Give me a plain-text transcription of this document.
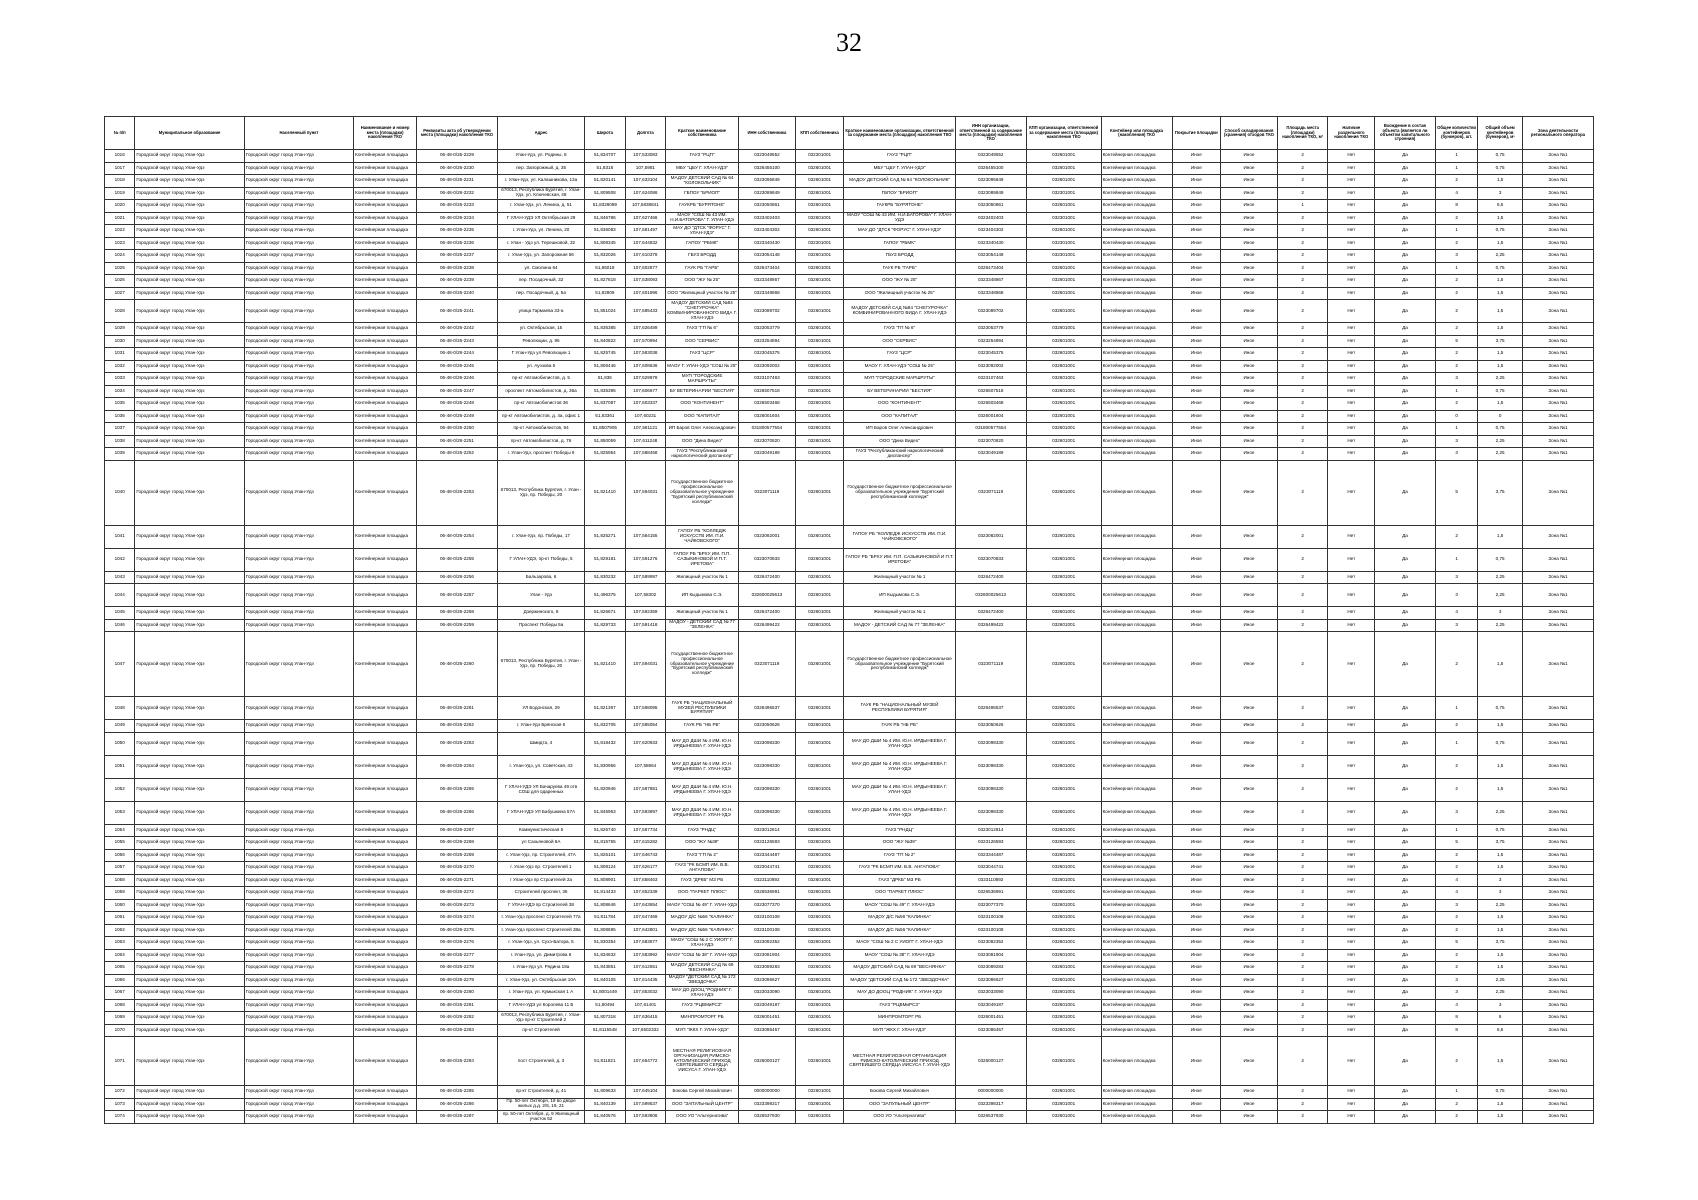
32
№ п/п	Муниципальное образование	Населенный пункт	Наименование и номер места (площадки) накопления ТКО	Реквизиты акта об утверждении места (площадки) накопления ТКО	Адрес	Широта	Долгота	Краткое наименование собственника	ИНН собственника	КПП собственника	Краткое наименование организации, ответственной за содержание места (площадки) накопления ТКО	ИНН организации, ответственной за содержание места (площадки) накопления ТКО	КПП организации, ответственной за содержание места (площадки) накопления ТКО	Контейнер или площадка (накопления) ТКО	Покрытие площадки	Способ складирования (хранения) отходов ТКО	Площадь места (площадки) накопления ТКО, м²	Наличие раздельного накопления ТКО	Вхождение в состав объекта (является ли объектом капитального строения)	Общее количество контейнеров (бункеров), шт.	Общий объем контейнеров (бункеров), м³	Зона деятельности регионального оператора
1016	Городской округ город Улан-Удэ	Городской округ город Улан-Удэ	Контейнерная площадка	06-48-0/26-2229	Улан-Удэ, ул. Родины, 8	51,834707	107,533083	ГАУЗ "РЦП"	0323049552	032301001	ГАУЗ "РЦП"	0323049552	032601001	Контейнерная площадка	Иное	Иное	2	Нет	Да	1	0,75	Зона №1
1017	Городской округ город Улан-Удэ	Городской округ город Улан-Удэ	Контейнерная площадка	06-48-0/26-2230	пер. Запорожный, д. 35	51,8318	107,5981	МБУ "ЦБУ Г. УЛАН-УДЭ"	0326455100	032601001	МБУ "ЦБУ Г. УЛАН-УДЭ"	0326455100	032601001	Контейнерная площадка	Иное	Иное	2	Нет	Да	1	0,75	Зона №1
1018	Городской округ город Улан-Удэ	Городской округ город Улан-Удэ	Контейнерная площадка	06-48-0/26-2231	г. Улан-Удэ, ул. Калашникова, 13а	51,820141	107,633104	МАДОУ ДЕТСКИЙ САД № 64 "КОЛОКОЛЬЧИК"	0323095849	032601001	МАДОУ ДЕТСКИЙ САД № 64 "КОЛОКОЛЬЧИК"	0323095849	032601001	Контейнерная площадка	Иное	Иное	2	Нет	Да	2	1,5	Зона №1
1019	Городской округ город Улан-Удэ	Городской округ город Улан-Удэ	Контейнерная площадка	06-48-0/26-2232	670013, Республика Бурятия, г. Улан-Удэ, ул. Ключевская, 48	51,809508	107,624086	ГБПОУ "БРИОП"	0323089849	032601001	ГБПОУ "БРИОП"	0323089849	032301001	Контейнерная площадка	Иное	Иное	2	Нет	Да	4	3	Зона №1
1020	Городской округ город Улан-Удэ	Городской округ город Улан-Удэ	Контейнерная площадка	06-48-0/26-2233	г. Улан-Удэ, ул. Ленина, д. 51	51,8326089	107,5838841	ГАУКРБ "БУРЯТОНЕ"	0323050861	032601001	ГАУКРБ "БУРЯТОНЕ"	0323050861	032601001	Контейнерная площадка	Иное	Иное	1	Нет	Да	8	6,5	Зона №1
1021	Городской округ город Улан-Удэ	Городской округ город Улан-Удэ	Контейнерная площадка	06-48-0/26-2234	Г УЛАН-УДЭ УЛ Октябрьская 29	51,846786	107,627466	МАОУ "СОШ № 43 ИМ. Н.И.БАТОРОВА" Г. УЛАН-УДЭ	0323402403	032601001	МАОУ "СОШ № 43 ИМ. Н.И.БАТОРОВА" Г. УЛАН-УДЭ	0323402403	032301001	Контейнерная площадка	Иное	Иное	2	Нет	Да	2	1,5	Зона №1
1022	Городской округ город Улан-Удэ	Городской округ город Улан-Удэ	Контейнерная площадка	06-48-0/26-2235	г. Улан-Удэ, ул. Ленина, 20	51,836083	107,581497	МАУ ДО "ДТСК "ФОРУС" Г. УЛАН-УДЭ"	0323404302	032601001	МАУ ДО "ДТСК "ФОРУС" Г. УЛАН-УДЭ"	0323404302	032601001	Контейнерная площадка	Иное	Иное	2	Нет	Да	1	0,75	Зона №1
1023	Городской округ город Улан-Удэ	Городской округ город Улан-Удэ	Контейнерная площадка	06-48-0/26-2236	г. Улан - Удэ ул. Терешковой, 32	51,808345	107,644832	ГАПОУ "РБМК"	0323340430	032301001	ГАПОУ "РБМК"	0323340430	032301001	Контейнерная площадка	Иное	Иное	2	Нет	Да	2	1,5	Зона №1
1024	Городской округ город Улан-Удэ	Городской округ город Улан-Удэ	Контейнерная площадка	06-48-0/26-2237	г. Улан-Удэ, ул. Запорожная 56	51,832026	107,610378	ГБУЗ БРОДД	0323054148	032601001	ГБУЗ БРОДД	0323054148	032301001	Контейнерная площадка	Иное	Иное	2	Нет	Да	3	2,25	Зона №1
1025	Городской округ город Улан-Удэ	Городской округ город Улан-Удэ	Контейнерная площадка	06-48-0/26-2238	ул. Смолина 64	51,85018	107,602877	ГАУК РБ "ГАРБ"	0326473404	032601001	ГАУК РБ "ГАРБ"	0326473404	032601001	Контейнерная площадка	Иное	Иное	2	Нет	Да	1	0,75	Зона №1
1026	Городской округ город Улан-Удэ	Городской округ город Улан-Удэ	Контейнерная площадка	06-48-0/26-2239	пер. Посадочный, 32	51,827818	107,538093	ООО "ЖУ № 25"	0323348867	032601001	ООО "ЖУ № 25"	0323348867	032601001	Контейнерная площадка	Иное	Иное	2	Нет	Да	2	1,5	Зона №1
1027	Городской округ город Улан-Удэ	Городской округ город Улан-Удэ	Контейнерная площадка	06-48-0/26-2240	пер. Посадочный, д. 5а	51,82809	107,601996	ООО "Жилищный участок № 25"	0323348868	032601001	ООО "Жилищный участок № 25"	0323348868	032601001	Контейнерная площадка	Иное	Иное	2	Нет	Да	2	1,5	Зона №1
1028	Городской округ город Улан-Удэ	Городской округ город Улан-Удэ	Контейнерная площадка	06-48-0/26-2241	улица Гармаева 33-а	51,851024	107,585433	МАДОУ ДЕТСКИЙ САД №84 "СНЕГУРОЧКА" КОМБИНИРОВАННОГО ВИДА Г. УЛАН-УДЭ	0323089702	032601001	МАДОУ ДЕТСКИЙ САД №84 "СНЕГУРОЧКА" КОМБИНИРОВАННОГО ВИДА Г. УЛАН-УДЭ	0323089702	032601001	Контейнерная площадка	Иное	Иное	2	Нет	Да	2	1,5	Зона №1
1029	Городской округ город Улан-Удэ	Городской округ город Улан-Удэ	Контейнерная площадка	06-48-0/26-2242	ул. Октябрьская, 15	51,836385	107,626489	ГАУЗ "ГП № 6"	0323053779	032601001	ГАУЗ "ГП № 6"	0323053779	032601001	Контейнерная площадка	Иное	Иное	2	Нет	Да	2	1,5	Зона №1
1030	Городской округ город Улан-Удэ	Городской округ город Улан-Удэ	Контейнерная площадка	06-48-0/26-2243	Революции, д. 95	51,840822	107,570994	ООО "СЕРВИС"	0323254894	032601001	ООО "СЕРВИС"	0323254894	032601001	Контейнерная площадка	Иное	Иное	2	Нет	Да	5	3,75	Зона №1
1031	Городской округ город Улан-Удэ	Городской округ город Улан-Удэ	Контейнерная площадка	06-48-0/26-2244	Г Улан-Удэ ул Революции 1	51,825745	107,583038	ГАУЗ "ЦСР"	0323045375	032601001	ГАУЗ "ЦСР"	0323045375	032601001	Контейнерная площадка	Иное	Иное	2	Нет	Да	2	1,5	Зона №1
1032	Городской округ город Улан-Удэ	Городской округ город Улан-Удэ	Контейнерная площадка	06-48-0/26-2245	ул. Ауэзова 5	51,806446	107,608636	МАОУ Г. УЛАН-УДЭ "СОШ № 25"	0323092002	032601001	МАОУ Г. УЛАН-УДЭ "СОШ № 25"	0323092002	032601001	Контейнерная площадка	Иное	Иное	2	Нет	Да	2	1,5	Зона №1
1033	Городской округ город Улан-Удэ	Городской округ город Улан-Удэ	Контейнерная площадка	06-48-0/26-2246	пр-кт Автомобилистов, д. 5	51,836	107,529978	МУП "ГОРОДСКИЕ МАРШРУТЫ"	0323107463	032601001	МУП "ГОРОДСКИЕ МАРШРУТЫ"	0323107463	032601001	Контейнерная площадка	Иное	Иное	2	Нет	Да	3	2,25	Зона №1
1034	Городской округ город Улан-Удэ	Городской округ город Улан-Удэ	Контейнерная площадка	06-48-0/26-2247	проспект Автомобилистов, д. 36а	51,835395	107,606677	БУ ВЕТЕРИНАРИИ "БЕСТИЯ"	0326507518	032601001	БУ ВЕТЕРИНАРИИ "БЕСТИЯ"	0326507518	032601001	Контейнерная площадка	Иное	Иное	2	Нет	Да	1	0,75	Зона №1
1035	Городской округ город Улан-Удэ	Городской округ город Улан-Удэ	Контейнерная площадка	06-48-0/26-2248	пр-кт Автомобилистов 36	51,837087	107,603337	ООО "КОНТИНЕНТ"	0326503468	032601001	ООО "КОНТИНЕНТ"	0326503468	032601001	Контейнерная площадка	Иное	Иное	2	Нет	Да	2	1,5	Зона №1
1036	Городской округ город Улан-Удэ	Городской округ город Улан-Удэ	Контейнерная площадка	06-48-0/26-2249	пр-кт Автомобилистов, д. 4а, офис 1	51,83361	107,60231	ООО "КАПИТАЛ"	0326001604	032601001	ООО "КАПИТАЛ"	0326001604	032601001	Контейнерная площадка	Иное	Иное	2	Нет	Да	0	0	Зона №1
1037	Городской округ город Улан-Удэ	Городской округ город Улан-Удэ	Контейнерная площадка	06-48-0/26-2250	пр-кт Автомобилистов, 94	51,8507905	107,581121	ИП Баров Олег Александрович	031800577554	032601001	ИП Баров Олег Александрович	031800577554	032601001	Контейнерная площадка	Иное	Иное	2	Нет	Да	1	0,75	Зона №1
1038	Городской округ город Улан-Удэ	Городской округ город Улан-Удэ	Контейнерная площадка	06-48-0/26-2251	пр-кт Автомобилистов, д. 76	51,850059	107,611248	ООО "Дина Видео"	0323070820	032601001	ООО "Дина Видео"	0323070820	032601001	Контейнерная площадка	Иное	Иное	2	Нет	Да	3	2,25	Зона №1
1039	Городской округ город Улан-Удэ	Городской округ город Улан-Удэ	Контейнерная площадка	06-48-0/26-2252	г. Улан-Удэ, проспект Победы 6	51,825954	107,588458	ГАУЗ "Республиканский наркологический диспансер"	0323049189	032601001	ГАУЗ "Республиканский наркологический диспансер"	0323049189	032601001	Контейнерная площадка	Иное	Иное	2	Нет	Да	3	2,25	Зона №1
1040	Городской округ город Улан-Удэ	Городской округ город Улан-Удэ	Контейнерная площадка	06-48-0/26-2253	670013, Республика Бурятия, г. Улан - Удэ, пр. Победы, 20	51,821410	107,594031	Государственное бюджетное профессиональное образовательное учреждение "Бурятский республиканский колледж"	0323071119	032601001	Государственное бюджетное профессиональное образовательное учреждение "Бурятский республиканский колледж"	0323071119	032601001	Контейнерная площадка	Иное	Иное	2	Нет	Да	5	3,75	Зона №1
1041	Городской округ город Улан-Удэ	Городской округ город Улан-Удэ	Контейнерная площадка	06-48-0/26-2254	г. Улан-Удэ, пр. Победы, 17	51,825271	107,584155	ГАПОУ РБ "КОЛЛЕДЖ ИСКУССТВ ИМ. П.И. ЧАЙКОВСКОГО"	0323082001	032601001	ГАПОУ РБ "КОЛЛЕДЖ ИСКУССТВ ИМ. П.И. ЧАЙКОВСКОГО"	0323082001	032601001	Контейнерная площадка	Иное	Иное	2	Нет	Да	2	1,5	Зона №1
1042	Городской округ город Улан-Удэ	Городской округ город Улан-Удэ	Контейнерная площадка	06-48-0/26-2255	Г УЛАН-УДЭ, пр-кт Победы, 5	51,829181	107,591276	ГАПОУ РБ "БРХУ ИМ. П.П. САЗЫКИНОВОЙ И П.Т. ИРЕТОВА"	0323070833	032601001	ГАПОУ РБ "БРХУ ИМ. П.П. САЗЫКИНОВОЙ И П.Т. ИРЕТОВА"	0323070833	032601001	Контейнерная площадка	Иное	Иное	2	Нет	Да	1	0,75	Зона №1
1043	Городской округ город Улан-Удэ	Городской округ город Улан-Удэ	Контейнерная площадка	06-48-0/26-2256	Бальзарова, 6	51,830232	107,589997	Жилищный участок № 1	0326472400	032601001	Жилищный участок № 1	0326472400	032601001	Контейнерная площадка	Иное	Иное	2	Нет	Да	3	2,25	Зона №1
1044	Городской округ город Улан-Удэ	Городской округ город Улан-Удэ	Контейнерная площадка	06-48-0/26-2257	Улан - Удэ	51,496375	107,58302	ИП Кыдымова С.Э.	032600025613	032601001	ИП Кыдымова С.Э.	032600025613	032601001	Контейнерная площадка	Иное	Иное	2	Нет	Да	3	2,25	Зона №1
1045	Городской округ город Улан-Удэ	Городской округ город Улан-Удэ	Контейнерная площадка	06-48-0/26-2258	Дзержинского, 8	51,826671	107,592359	Жилищный участок № 1	0326472400	032601001	Жилищный участок № 1	0326472400	032601001	Контейнерная площадка	Иное	Иное	2	Нет	Да	4	3	Зона №1
1046	Городской округ город Улан-Удэ	Городской округ город Улан-Удэ	Контейнерная площадка	06-48-0/26-2259	Проспект Победы 5а	51,829733	107,591418	МАДОУ - ДЕТСКИЙ САД № 77 "ЗЕЛЕНКА"	0326499422	032601001	МАДОУ - ДЕТСКИЙ САД № 77 "ЗЕЛЕНКА"	0326499422	032601001	Контейнерная площадка	Иное	Иное	2	Нет	Да	3	2,25	Зона №1
1047	Городской округ город Улан-Удэ	Городской округ город Улан-Удэ	Контейнерная площадка	06-48-0/26-2260	670013, Республика Бурятия, г. Улан - Удэ, пр. Победы, 20	51,821410	107,594031	Государственное бюджетное профессиональное образовательное учреждение "Бурятский республиканский колледж"	0323071119	032601001	Государственное бюджетное профессиональное образовательное учреждение "Бурятский республиканский колледж"	0323071119	032601001	Контейнерная площадка	Иное	Иное	2	Нет	Да	2	1,5	Зона №1
1048	Городской округ город Улан-Удэ	Городской округ город Улан-Удэ	Контейнерная площадка	06-48-0/26-2261	УЛ Бодонская, 29	51,821367	107,598095	ГАУК РБ "НАЦИОНАЛЬНЫЙ МУЗЕЙ РЕСПУБЛИКИ БУРЯТИЯ"	0326495537	032601001	ГАУК РБ "НАЦИОНАЛЬНЫЙ МУЗЕЙ РЕСПУБЛИКИ БУРЯТИЯ"	0326495537	032601001	Контейнерная площадка	Иное	Иное	2	Нет	Да	1	0,75	Зона №1
1049	Городской округ город Улан-Удэ	Городской округ город Улан-Удэ	Контейнерная площадка	06-48-0/26-2262	г. Улан-Удэ Брянская 6	51,832705	107,585054	ГАУК РБ "НБ РБ"	0323050626	032601001	ГАУК РБ "НБ РБ"	0323050626	032601001	Контейнерная площадка	Иное	Иное	2	Нет	Да	2	1,5	Зона №1
1050	Городской округ город Улан-Удэ	Городской округ город Улан-Удэ	Контейнерная площадка	06-48-0/26-2263	Шмидта, 4	51,818432	107,620933	МАУ ДО ДШИ № 4 ИМ. Ю.Н. ИРДЫНЕЕВА Г. УЛАН-УДЭ	0323098330	032601001	МАУ ДО ДШИ № 4 ИМ. Ю.Н. ИРДЫНЕЕВА Г. УЛАН-УДЭ	0323098330	032601001	Контейнерная площадка	Иное	Иное	2	Нет	Да	1	0,75	Зона №1
1051	Городской округ город Улан-Удэ	Городской округ город Улан-Удэ	Контейнерная площадка	06-48-0/26-2264	г. Улан-Удэ, ул. Советская, 43	51,830956	107,58864	МАУ ДО ДШИ № 4 ИМ. Ю.Н. ИРДЫНЕЕВА Г. УЛАН-УДЭ	0323098330	032601001	МАУ ДО ДШИ № 4 ИМ. Ю.Н. ИРДЫНЕЕВА Г. УЛАН-УДЭ	0323098330	032601001	Контейнерная площадка	Иное	Иное	2	Нет	Да	2	1,5	Зона №1
1052	Городской округ город Улан-Удэ	Городской округ город Улан-Удэ	Контейнерная площадка	06-48-0/26-2265	Г УЛАН-УДЭ УЛ Бачаруева 49 отв СОШ для одаренных	51,820946	107,587881	МАУ ДО ДШИ № 4 ИМ. Ю.Н. ИРДЫНЕЕВА Г. УЛАН-УДЭ	0323098330	032601001	МАУ ДО ДШИ № 4 ИМ. Ю.Н. ИРДЫНЕЕВА Г. УЛАН-УДЭ	0323098330	032601001	Контейнерная площадка	Иное	Иное	2	Нет	Да	2	1,5	Зона №1
1053	Городской округ город Улан-Удэ	Городской округ город Улан-Удэ	Контейнерная площадка	06-48-0/26-2266	Г УЛАН-УДЭ УЛ Бабушкина 57А	51,845953	107,593897	МАУ ДО ДШИ № 4 ИМ. Ю.Н. ИРДЫНЕЕВА Г. УЛАН-УДЭ	0323098330	032601001	МАУ ДО ДШИ № 4 ИМ. Ю.Н. ИРДЫНЕЕВА Г. УЛАН-УДЭ	0323098330	032601001	Контейнерная площадка	Иное	Иное	2	Нет	Да	3	2,25	Зона №1
1054	Городской округ город Улан-Удэ	Городской округ город Улан-Удэ	Контейнерная площадка	06-48-0/26-2267	Коммунистическая 5	51,826740	107,587734	ГАУЗ "РНДЦ"	0323012814	032601001	ГАУЗ "РНДЦ"	0323012814	032601001	Контейнерная площадка	Иное	Иное	2	Нет	Да	1	0,75	Зона №1
1055	Городской округ город Улан-Удэ	Городской округ город Улан-Удэ	Контейнерная площадка	06-48-0/26-2268	ул Сахьяновой 6А	51,815755	107,615282	ООО "ЖУ №39"	0323126593	032601001	ООО "ЖУ №39"	0323126593	032601001	Контейнерная площадка	Иное	Иное	2	Нет	Да	5	3,75	Зона №1
1056	Городской округ город Улан-Удэ	Городской округ город Улан-Удэ	Контейнерная площадка	06-48-0/26-2269	г. Улан-Удэ, пр. Строителей, 47А	51,826101	107,646743	ГАУЗ "ГП № 2"	0323344487	032601001	ГАУЗ "ГП № 2"	0323344487	032601001	Контейнерная площадка	Иное	Иное	2	Нет	Да	2	1,5	Зона №1
1057	Городской округ город Улан-Удэ	Городской округ город Улан-Удэ	Контейнерная площадка	06-48-0/26-2270	г. Улан-Удэ пр. Строителей 1	51,808124	107,626177	ГАУЗ "РК БСМП ИМ. В.В. АНГАПОВА"	0323044741	032601001	ГАУЗ "РК БСМП ИМ. В.В. АНГАПОВА"	0323044741	032601001	Контейнерная площадка	Иное	Иное	2	Нет	Да	2	1,5	Зона №1
1058	Городской округ город Улан-Удэ	Городской округ город Улан-Удэ	Контейнерная площадка	06-48-0/26-2271	г Улан-Удэ пр Строителей 2а	51,808901	107,658463	ГАУЗ "ДРКБ" МЗ РБ	0323110892	032601001	ГАУЗ "ДРКБ" МЗ РБ	0323110892	032601001	Контейнерная площадка	Иное	Иное	2	Нет	Да	4	3	Зона №1
1059	Городской округ город Улан-Удэ	Городской округ город Улан-Удэ	Контейнерная площадка	06-48-0/26-2272	Строителей проспект, 36	51,814433	107,652339	ООО "ПАРКЕТ ПЛЮС"	0326536991	032601001	ООО "ПАРКЕТ ПЛЮС"	0326536991	032601001	Контейнерная площадка	Иное	Иное	2	Нет	Да	4	3	Зона №1
1060	Городской округ город Улан-Удэ	Городской округ город Улан-Удэ	Контейнерная площадка	06-48-0/26-2273	Г УЛАН-УДЭ пр Строителей 38	51,808646	107,643654	МАОУ "СОШ № 49" Г. УЛАН-УДЭ	0323077370	032601001	МАОУ "СОШ № 49" Г. УЛАН-УДЭ	0323077370	032601001	Контейнерная площадка	Иное	Иное	2	Нет	Да	3	2,25	Зона №1
1061	Городской округ город Улан-Удэ	Городской округ город Улан-Удэ	Контейнерная площадка	06-48-0/26-2274	г. Улан-Удэ проспект Строителей 77а	51,811784	107,647469	МАДОУ Д/С №56 "КАЛИНКА"	0323100108	032601001	МАДОУ Д/С №56 "КАЛИНКА"	0323100108	032601001	Контейнерная площадка	Иное	Иное	2	Нет	Да	2	1,5	Зона №1
1062	Городской округ город Улан-Удэ	Городской округ город Улан-Удэ	Контейнерная площадка	06-48-0/26-2275	г. Улан-Удэ проспект Строителей 38а	51,808695	107,642801	МАДОУ Д/С №56 "КАЛИНКА"	0323100108	032601001	МАДОУ Д/С №56 "КАЛИНКА"	0323100108	032601001	Контейнерная площадка	Иное	Иное	2	Нет	Да	2	1,5	Зона №1
1063	Городской округ город Улан-Удэ	Городской округ город Улан-Удэ	Контейнерная площадка	06-48-0/26-2276	г. Улан-Удэ, ул. Сухэ-Батора, 5	51,830354	107,583677	МАОУ "СОШ № 2 С УИОП" Г. УЛАН-УДЭ	0323082352	032601001	МАОУ "СОШ № 2 С УИОП" Г. УЛАН-УДЭ	0323082352	032601001	Контейнерная площадка	Иное	Иное	2	Нет	Да	5	3,75	Зона №1
1064	Городской округ город Улан-Удэ	Городской округ город Улан-Удэ	Контейнерная площадка	06-48-0/26-2277	г. Улан-Удэ, ул. Димитрова 6	51,834632	107,583992	МАОУ "СОШ № 38" Г. УЛАН-УДЭ	0323081904	032601001	МАОУ "СОШ № 38" Г. УЛАН-УДЭ	0323081904	032601001	Контейнерная площадка	Иное	Иное	2	Нет	Да	2	1,5	Зона №1
1065	Городской округ город Улан-Удэ	Городской округ город Улан-Удэ	Контейнерная площадка	06-48-0/26-2278	г. Улан-Удэ ул. Рядина 18а	51,843851	107,612551	МАДОУ ДЕТСКИЙ САД № 69 "ВЕСНЯНКА"	0323089283	032601001	МАДОУ ДЕТСКИЙ САД № 69 "ВЕСНЯНКА"	0323089283	032601001	Контейнерная площадка	Иное	Иное	2	Нет	Да	2	1,5	Зона №1
1066	Городской округ город Улан-Удэ	Городской округ город Улан-Удэ	Контейнерная площадка	06-48-0/26-2279	г. Улан-Удэ, ул. Октябрьская 10А	51,840105	107,614435	МАДОУ "ДЕТСКИЙ САД № 172 "ЗВЕЗДОЧКА"	0323086627	032601001	МАДОУ "ДЕТСКИЙ САД № 172 "ЗВЕЗДОЧКА"	0323086627	032601001	Контейнерная площадка	Иное	Иное	2	Нет	Да	3	2,25	Зона №1
1067	Городской округ город Улан-Удэ	Городской округ город Улан-Удэ	Контейнерная площадка	06-48-0/26-2280	г. Улан-Удэ, ул. Кумыкская 1 А	51,8001449	107,653032	МАУ ДО ДООЦ "РОДНИК" Г. УЛАН-УДЭ	0323033090	032601001	МАУ ДО ДООЦ "РОДНИК" Г. УЛАН-УДЭ	0323033090	032601001	Контейнерная площадка	Иное	Иное	2	Нет	Да	3	2,25	Зона №1
1068	Городской округ город Улан-Удэ	Городской округ город Улан-Удэ	Контейнерная площадка	06-48-0/26-2281	Г УЛАН-УДЭ ул Королева 11 Б	51,80494	107,61401	ГАУЗ "РЦВМиРСЗ"	0323049187	032601001	ГАУЗ "РЦВМиРСЗ"	0323049187	032601001	Контейнерная площадка	Иное	Иное	2	Нет	Да	4	3	Зона №1
1069	Городской округ город Улан-Удэ	Городской округ город Улан-Удэ	Контейнерная площадка	06-48-0/26-2282	670013, Республика Бурятия, г. Улан-Удэ пр-кт Строителей 2	51,807318	107,636415	МИНПРОМТОРГ РБ	0326001451	032601001	МИНПРОМТОРГ РБ	0326001451	032601001	Контейнерная площадка	Иное	Иное	2	Нет	Да	8	6	Зона №1
1070	Городской округ город Улан-Удэ	Городской округ город Улан-Удэ	Контейнерная площадка	06-48-0/26-2283	пр-кт Строителей	51,8115548	107,6502332	МУП "ЖКХ Г. УЛАН-УДЭ"	0323086457	032601001	МУП "ЖКХ Г. УЛАН-УДЭ"	0323086457	032601001	Контейнерная площадка	Иное	Иное	2	Нет	Да	8	6,5	Зона №1
1071	Городской округ город Улан-Удэ	Городской округ город Улан-Удэ	Контейнерная площадка	06-48-0/26-2284	пост Строителей, д. 3	51,811821	107,654772	МЕСТНАЯ РЕЛИГИОЗНАЯ ОРГАНИЗАЦИЯ РИМСКО-КАТОЛИЧЕСКИЙ ПРИХОД СВЯТЕЙШЕГО СЕРДЦА ИИСУСА Г. УЛАН-УДЭ	0326000127	032601001	МЕСТНАЯ РЕЛИГИОЗНАЯ ОРГАНИЗАЦИЯ РИМСКО-КАТОЛИЧЕСКИЙ ПРИХОД СВЯТЕЙШЕГО СЕРДЦА ИИСУСА Г. УЛАН-УДЭ	0326000127	032601001	Контейнерная площадка	Иное	Иное	2	Нет	Да	2	1,5	Зона №1
1072	Городской округ город Улан-Удэ	Городской округ город Улан-Удэ	Контейнерная площадка	06-48-0/26-2285	пр-кт Строителей, д. 41	51,809633	107,645104	Бокова Сергей Михайлович	0000000000	032601001	Бокова Сергей Михайлович	0000000000	032601001	Контейнерная площадка	Иное	Иное	2	Нет	Да	1	0,75	Зона №1
1073	Городской округ город Улан-Удэ	Городской округ город Улан-Удэ	Контейнерная площадка	06-48-0/26-2286	Пр. 50-лет Октября, 19 во дворе жилых д.д. 2/5, 19, 21	51,840139	107,599537	ООО "ЗАПУЛЬНЫЙ ЦЕНТР"	0323398317	032601001	ООО "ЗАПУЛЬНЫЙ ЦЕНТР"	0323398317	032601001	Контейнерная площадка	Иное	Иное	2	Нет	Да	2	1,5	Зона №1
1074	Городской округ город Улан-Удэ	Городской округ город Улан-Удэ	Контейнерная площадка	06-48-0/26-2287	пр. 50-лет Октября, д. 9 Жилищный участок 52	51,840576	107,593806	ООО УО "Альтернатива"	0326537930	032601001	ООО УО "Альтернатива"	0326537930	032601001	Контейнерная площадка	Иное	Иное	2	Нет	Да	2	1,5	Зона №1
